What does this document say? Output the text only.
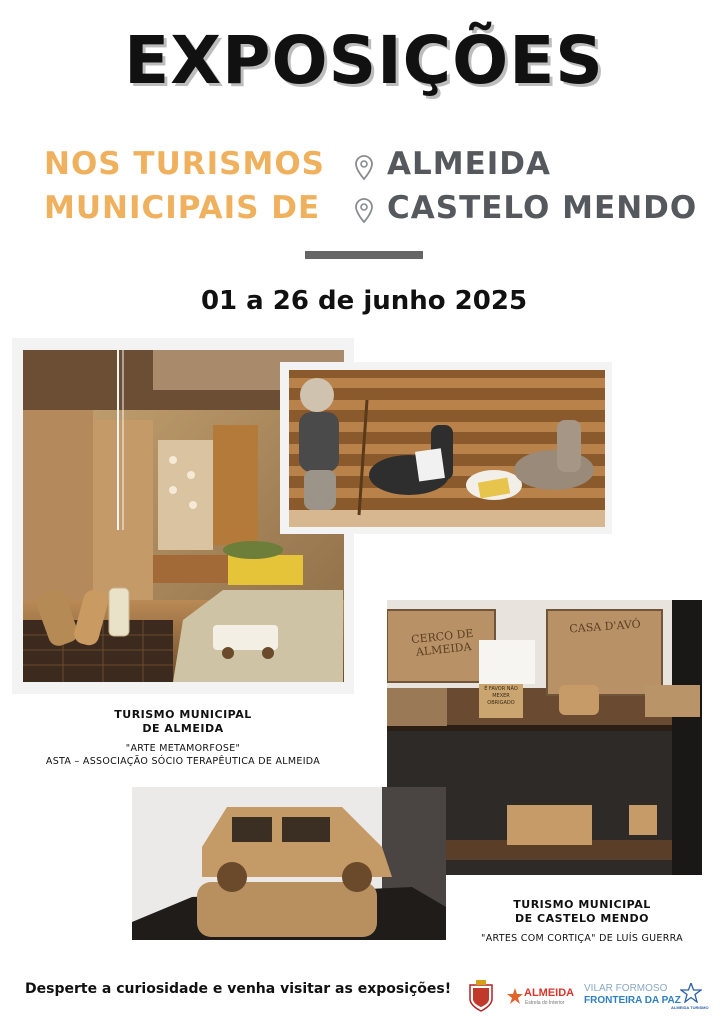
EXPOSIÇÕES
NOS TURISMOS
MUNICIPAIS DE
ALMEIDA
CASTELO MENDO
01 a 26 de junho 2025
CERCO DE ALMEIDA
CASA D'AVÓ
É FAVOR NÃO MEXER OBRIGADO
TURISMO MUNICIPAL
DE ALMEIDA
"ARTE METAMORFOSE"
ASTA – ASSOCIAÇÃO SÓCIO TERAPÊUTICA DE ALMEIDA
TURISMO MUNICIPAL
DE CASTELO MENDO
"ARTES COM CORTIÇA" DE LUÍS GUERRA
Desperte a curiosidade e venha visitar as exposições!	ALMEIDA
Estrela do Interior
VILAR FORMOSO
FRONTEIRA DA PAZ
ALMEIDA TURISMO
